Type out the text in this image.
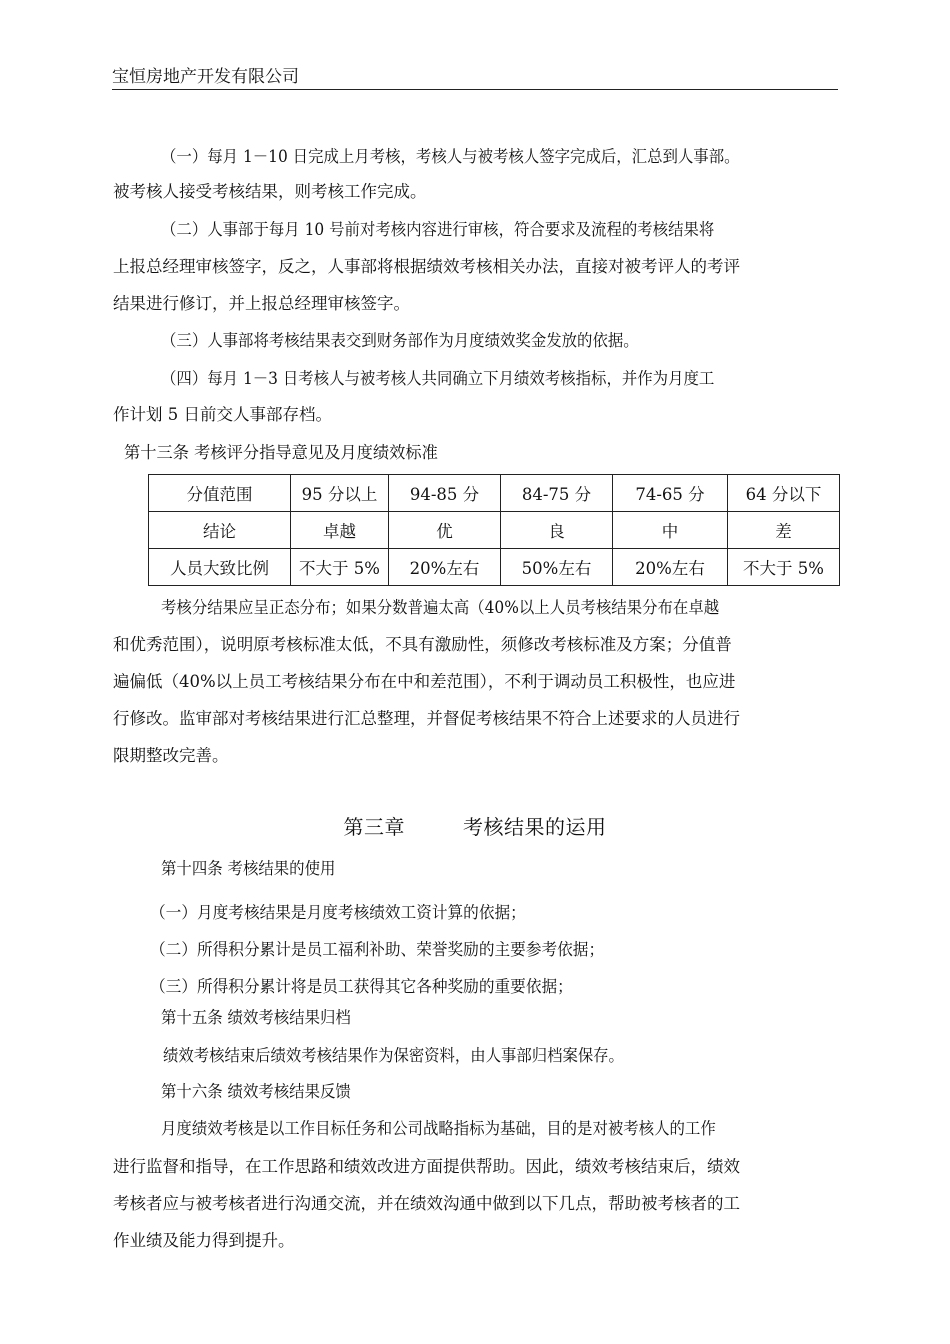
宝恒房地产开发有限公司
（一）每月 1－10 日完成上月考核，考核人与被考核人签字完成后，汇总到人事部。
被考核人接受考核结果，则考核工作完成。
（二）人事部于每月 10 号前对考核内容进行审核，符合要求及流程的考核结果将
上报总经理审核签字，反之，人事部将根据绩效考核相关办法，直接对被考评人的考评
结果进行修订，并上报总经理审核签字。
（三）人事部将考核结果表交到财务部作为月度绩效奖金发放的依据。
（四）每月 1－3 日考核人与被考核人共同确立下月绩效考核指标，并作为月度工
作计划 5 日前交人事部存档。
第十三条 考核评分指导意见及月度绩效标准
分值范围	95 分以上	94-85 分	84-75 分	74-65 分	64 分以下
结论	卓越	优	良	中	差
人员大致比例	不大于 5%	20%左右	50%左右	20%左右	不大于 5%
考核分结果应呈正态分布；如果分数普遍太高（40%以上人员考核结果分布在卓越
和优秀范围），说明原考核标准太低，不具有激励性，须修改考核标准及方案；分值普
遍偏低（40%以上员工考核结果分布在中和差范围），不利于调动员工积极性，也应进
行修改。监审部对考核结果进行汇总整理，并督促考核结果不符合上述要求的人员进行
限期整改完善。
第三章	考核结果的运用
第十四条 考核结果的使用
（一）月度考核结果是月度考核绩效工资计算的依据；
（二）所得积分累计是员工福利补助、荣誉奖励的主要参考依据；
（三）所得积分累计将是员工获得其它各种奖励的重要依据；
第十五条 绩效考核结果归档
绩效考核结束后绩效考核结果作为保密资料，由人事部归档案保存。
第十六条 绩效考核结果反馈
月度绩效考核是以工作目标任务和公司战略指标为基础，目的是对被考核人的工作
进行监督和指导，在工作思路和绩效改进方面提供帮助。因此，绩效考核结束后，绩效
考核者应与被考核者进行沟通交流，并在绩效沟通中做到以下几点，帮助被考核者的工
作业绩及能力得到提升。
